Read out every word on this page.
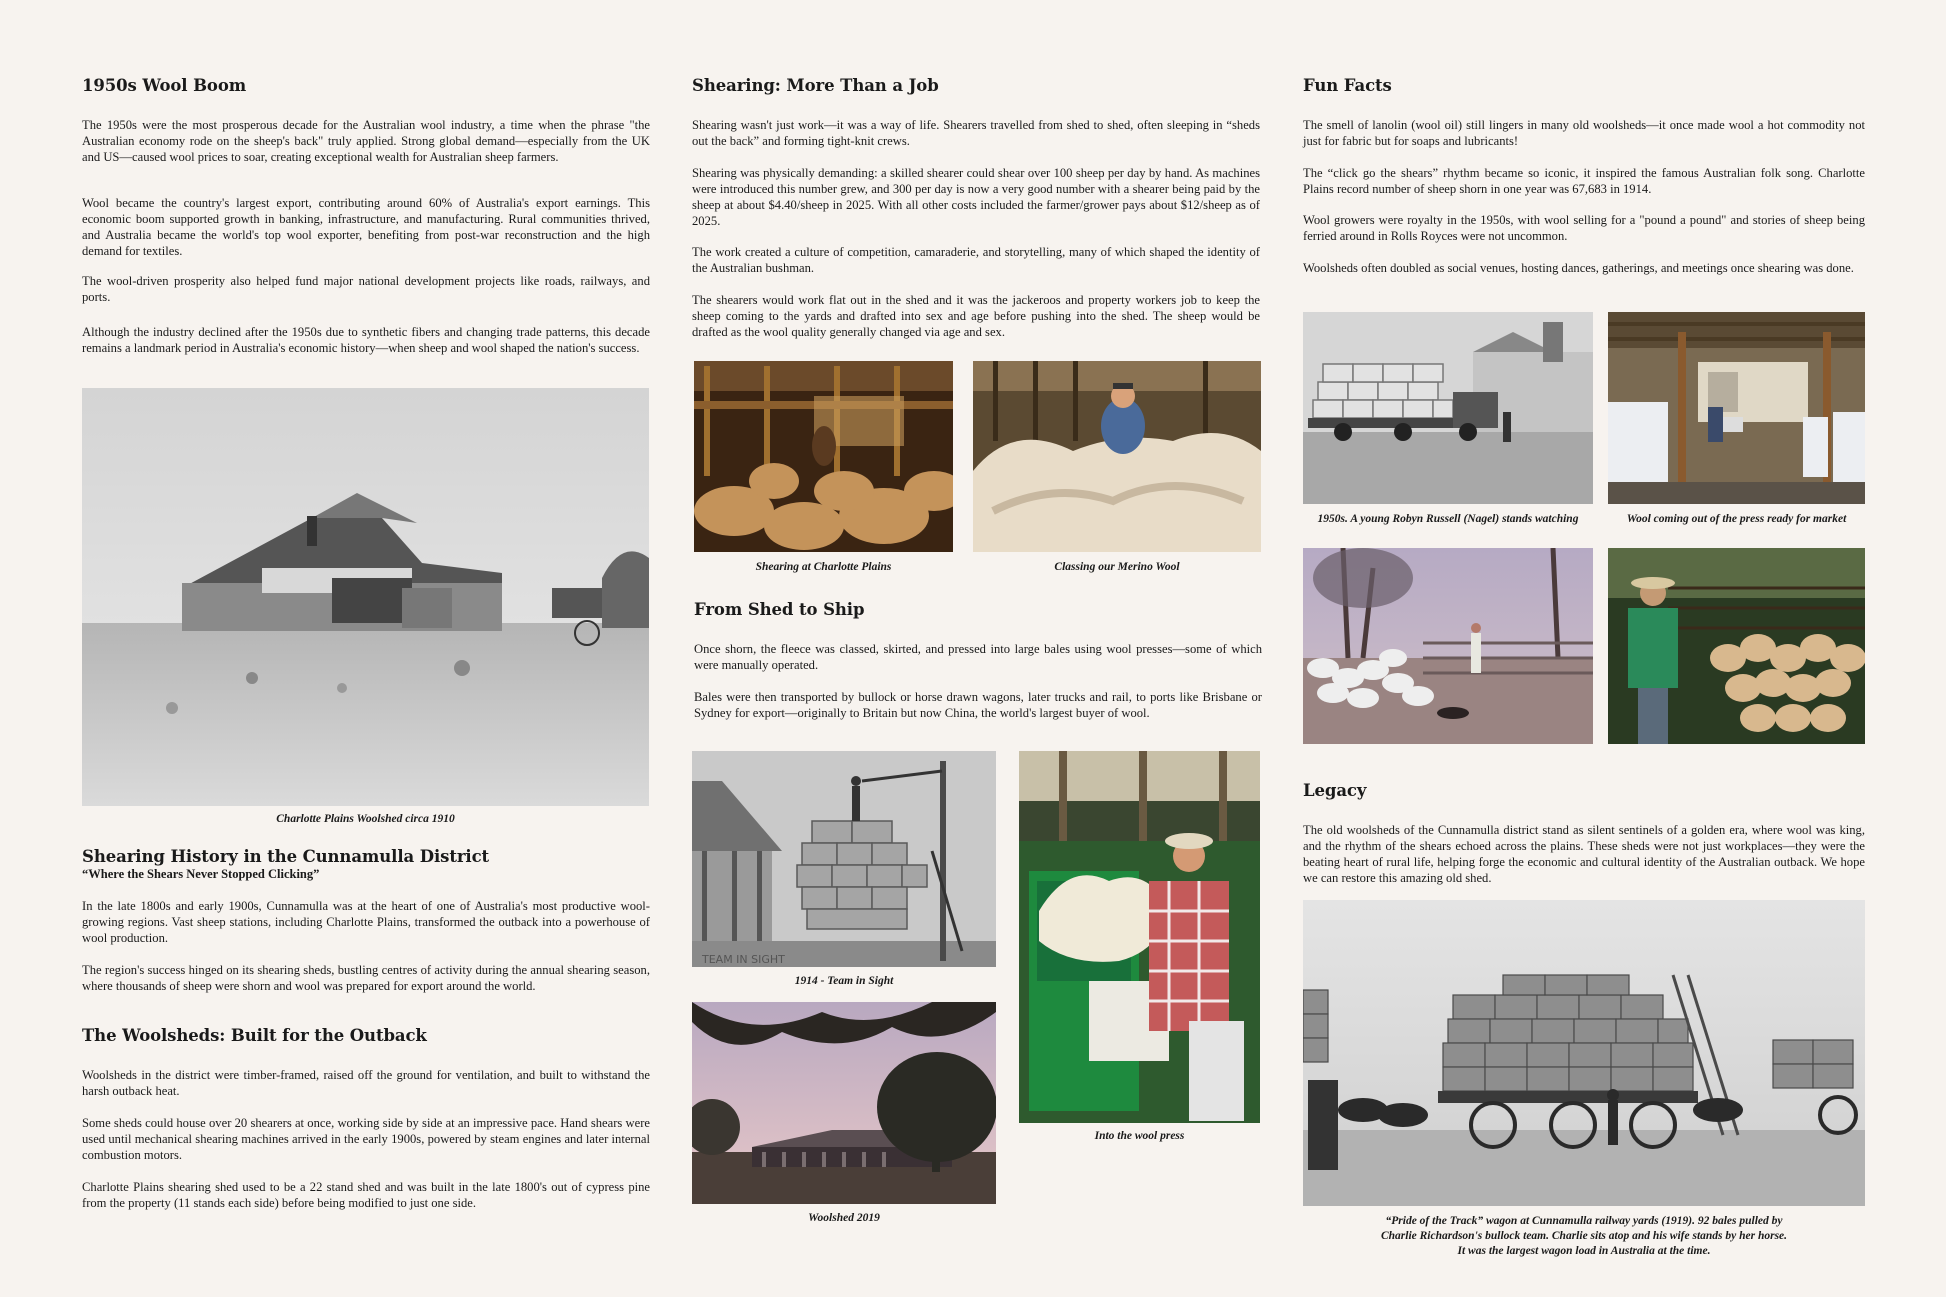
1950s Wool Boom

The 1950s were the most prosperous decade for the Australian wool industry, a time when the phrase "the Australian economy rode on the sheep's back" truly applied. Strong global demand—especially from the UK and US—caused wool prices to soar, creating exceptional wealth for Australian sheep farmers.

Wool became the country's largest export, contributing around 60% of Australia's export earnings. This economic boom supported growth in banking, infrastructure, and manufacturing. Rural communities thrived, and Australia became the world's top wool exporter, benefiting from post-war reconstruction and the high demand for textiles.

The wool-driven prosperity also helped fund major national development projects like roads, railways, and ports.

Although the industry declined after the 1950s due to synthetic fibers and changing trade patterns, this decade remains a landmark period in Australia's economic history—when sheep and wool shaped the nation's success.

Charlotte Plains Woolshed circa 1910
Shearing History in the Cunnamulla District
“Where the Shears Never Stopped Clicking”

In the late 1800s and early 1900s, Cunnamulla was at the heart of one of Australia's most productive wool-growing regions. Vast sheep stations, including Charlotte Plains, transformed the outback into a powerhouse of wool production.

The region's success hinged on its shearing sheds, bustling centres of activity during the annual shearing season, where thousands of sheep were shorn and wool was prepared for export around the world.

The Woolsheds: Built for the Outback

Woolsheds in the district were timber-framed, raised off the ground for ventilation, and built to withstand the harsh outback heat.

Some sheds could house over 20 shearers at once, working side by side at an impressive pace. Hand shears were used until mechanical shearing machines arrived in the early 1900s, powered by steam engines and later internal combustion motors.

Charlotte Plains shearing shed used to be a 22 stand shed and was built in the late 1800's out of cypress pine from the property (11 stands each side) before being modified to just one side.

Shearing: More Than a Job

Shearing wasn't just work—it was a way of life. Shearers travelled from shed to shed, often sleeping in “sheds out the back” and forming tight-knit crews.

Shearing was physically demanding: a skilled shearer could shear over 100 sheep per day by hand. As machines were introduced this number grew, and 300 per day is now a very good number with a shearer being paid by the sheep at about $4.40/sheep in 2025. With all other costs included the farmer/grower pays about $12/sheep as of 2025.

The work created a culture of competition, camaraderie, and storytelling, many of which shaped the identity of the Australian bushman.

The shearers would work flat out in the shed and it was the jackeroos and property workers job to keep the sheep coming to the yards and drafted into sex and age before pushing into the shed. The sheep would be drafted as the wool quality generally changed via age and sex.

Shearing at Charlotte Plains	Classing our Merino Wool
From Shed to Ship

Once shorn, the fleece was classed, skirted, and pressed into large bales using wool presses—some of which were manually operated.

Bales were then transported by bullock or horse drawn wagons, later trucks and rail, to ports like Brisbane or Sydney for export—originally to Britain but now China, the world's largest buyer of wool.

TEAM IN SIGHT
1914 - Team in Sight
Woolshed 2019
Into the wool press
Fun Facts

The smell of lanolin (wool oil) still lingers in many old woolsheds—it once made wool a hot commodity not just for fabric but for soaps and lubricants!

The “click go the shears” rhythm became so iconic, it inspired the famous Australian folk song. Charlotte Plains record number of sheep shorn in one year was 67,683 in 1914.

Wool growers were royalty in the 1950s, with wool selling for a "pound a pound" and stories of sheep being ferried around in Rolls Royces were not uncommon.

Woolsheds often doubled as social venues, hosting dances, gatherings, and meetings once shearing was done.

1950s. A young Robyn Russell (Nagel) stands watching	Wool coming out of the press ready for market
Legacy

The old woolsheds of the Cunnamulla district stand as silent sentinels of a golden era, where wool was king, and the rhythm of the shears echoed across the plains. These sheds were not just workplaces—they were the beating heart of rural life, helping forge the economic and cultural identity of the Australian outback. We hope we can restore this amazing old shed.

“Pride of the Track” wagon at Cunnamulla railway yards (1919). 92 bales pulled by
Charlie Richardson's bullock team. Charlie sits atop and his wife stands by her horse.
It was the largest wagon load in Australia at the time.
